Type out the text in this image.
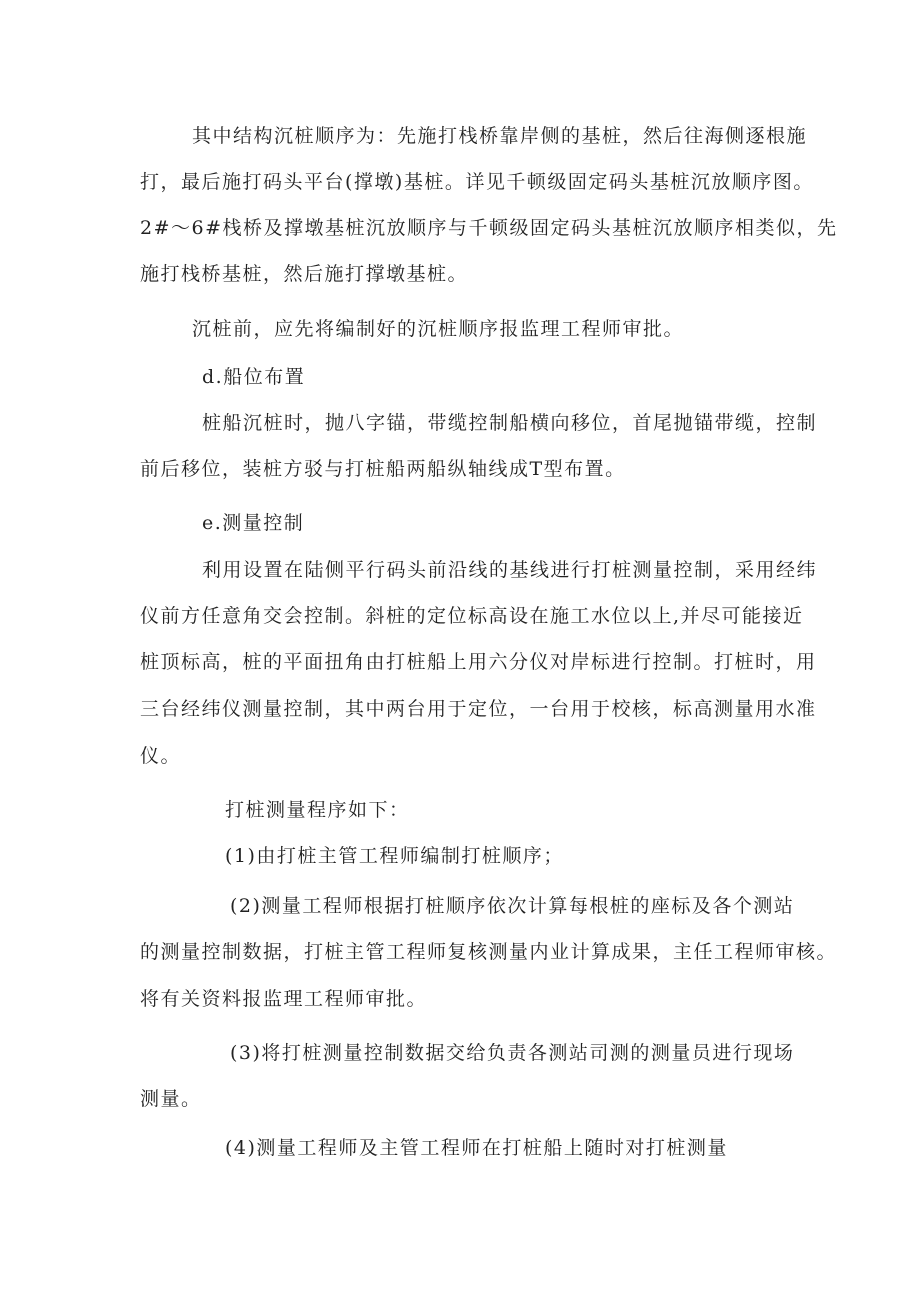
其中结构沉桩顺序为：先施打栈桥靠岸侧的基桩，然后往海侧逐根施
打，最后施打码头平台(撑墩)基桩。详见千顿级固定码头基桩沉放顺序图。
2#～6#栈桥及撑墩基桩沉放顺序与千顿级固定码头基桩沉放顺序相类似，先
施打栈桥基桩，然后施打撑墩基桩。
沉桩前，应先将编制好的沉桩顺序报监理工程师审批。
d.船位布置
桩船沉桩时，抛八字锚，带缆控制船横向移位，首尾抛锚带缆，控制
前后移位，装桩方驳与打桩船两船纵轴线成T型布置。
e.测量控制
利用设置在陆侧平行码头前沿线的基线进行打桩测量控制，采用经纬
仪前方任意角交会控制。斜桩的定位标高设在施工水位以上,并尽可能接近
桩顶标高，桩的平面扭角由打桩船上用六分仪对岸标进行控制。打桩时，用
三台经纬仪测量控制，其中两台用于定位，一台用于校核，标高测量用水准
仪。
打桩测量程序如下：
(1)由打桩主管工程师编制打桩顺序；
(2)测量工程师根据打桩顺序依次计算每根桩的座标及各个测站
的测量控制数据，打桩主管工程师复核测量内业计算成果，主任工程师审核。
将有关资料报监理工程师审批。
(3)将打桩测量控制数据交给负责各测站司测的测量员进行现场
测量。
(4)测量工程师及主管工程师在打桩船上随时对打桩测量
